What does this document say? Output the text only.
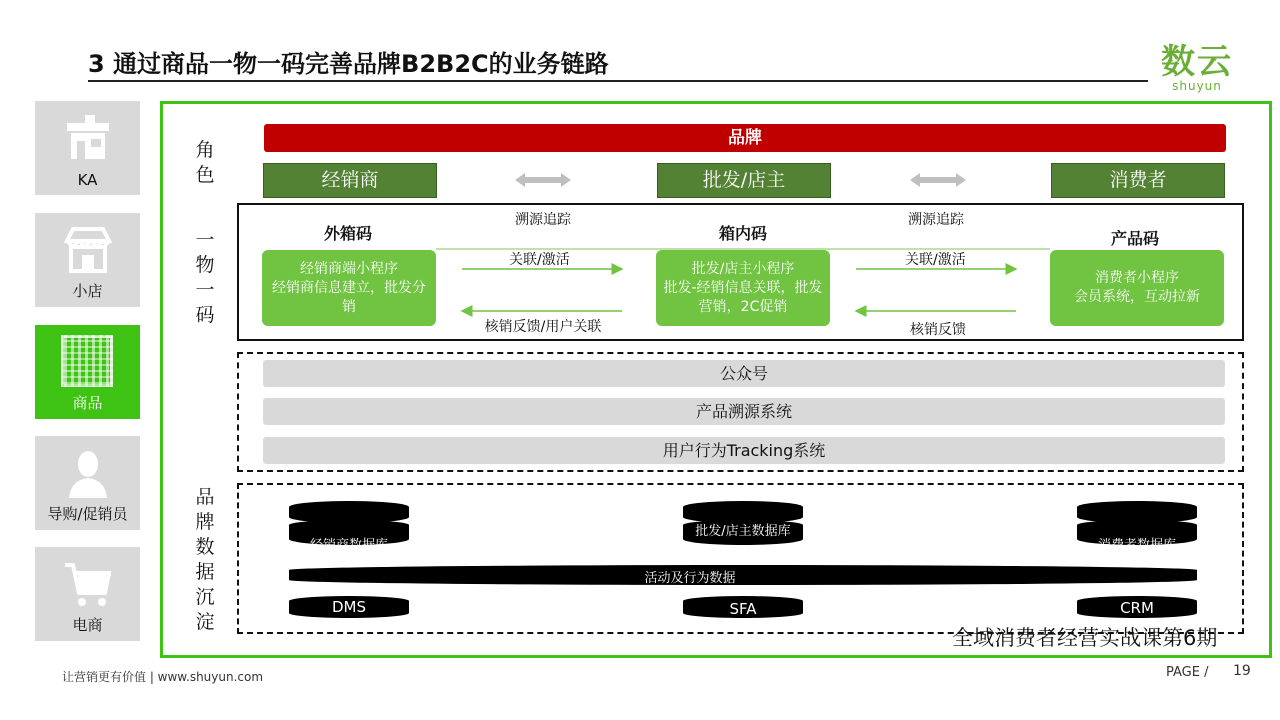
3 通过商品一物一码完善品牌B2B2C的业务链路	数云
shuyun
KA
小店
商品
导购/促销员
电商
角色
一物一码
品牌数据沉淀
品牌
经销商	批发/店主	消费者
外箱码	箱内码	产品码
经销商端小程序
经销商信息建立，批发分销
批发/店主小程序
批发-经销信息关联，批发营销，2C促销
消费者小程序
会员系统，互动拉新
溯源追踪
关联/激活
核销反馈/用户关联
溯源追踪
关联/激活
核销反馈
公众号
产品溯源系统
用户行为Tracking系统
经销商数据库
批发/店主数据库
消费者数据库
活动及行为数据
DMS	SFA	CRM
全域消费者经营实战课第6期
让营销更有价值 | www.shuyun.com	PAGE / 19
